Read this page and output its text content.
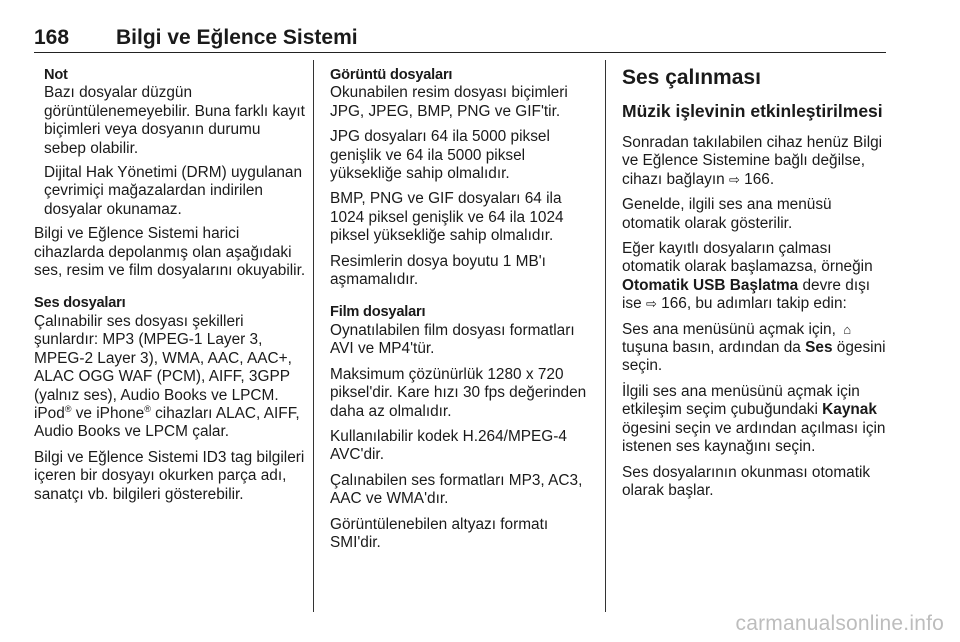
168 Bilgi ve Eğlence Sistemi
Not

Bazı dosyalar düzgün görüntülenemeyebilir. Buna farklı kayıt biçimleri veya dosyanın durumu sebep olabilir.

Dijital Hak Yönetimi (DRM) uygulanan çevrimiçi mağazalardan indirilen dosyalar okunamaz.

Bilgi ve Eğlence Sistemi harici cihazlarda depolanmış olan aşağıdaki ses, resim ve film dosyalarını okuyabilir.

Ses dosyaları

Çalınabilir ses dosyası şekilleri şunlardır: MP3 (MPEG-1 Layer 3, MPEG-2 Layer 3), WMA, AAC, AAC+, ALAC OGG WAF (PCM), AIFF, 3GPP (yalnız ses), Audio Books ve LPCM. iPod® ve iPhone® cihazları ALAC, AIFF, Audio Books ve LPCM çalar.

Bilgi ve Eğlence Sistemi ID3 tag bilgileri içeren bir dosyayı okurken parça adı, sanatçı vb. bilgileri gösterebilir.

Görüntü dosyaları

Okunabilen resim dosyası biçimleri JPG, JPEG, BMP, PNG ve GIF'tir.

JPG dosyaları 64 ila 5000 piksel genişlik ve 64 ila 5000 piksel yüksekliğe sahip olmalıdır.

BMP, PNG ve GIF dosyaları 64 ila 1024 piksel genişlik ve 64 ila 1024 piksel yüksekliğe sahip olmalıdır.

Resimlerin dosya boyutu 1 MB'ı aşmamalıdır.

Film dosyaları

Oynatılabilen film dosyası formatları AVI ve MP4'tür.

Maksimum çözünürlük 1280 x 720 piksel'dir. Kare hızı 30 fps değerinden daha az olmalıdır.

Kullanılabilir kodek H.264/MPEG-4 AVC'dir.

Çalınabilen ses formatları MP3, AC3, AAC ve WMA'dır.

Görüntülenebilen altyazı formatı SMI'dir.

Ses çalınması
Müzik işlevinin etkinleştirilmesi

Sonradan takılabilen cihaz henüz Bilgi ve Eğlence Sistemine bağlı değilse, cihazı bağlayın ⇨ 166.

Genelde, ilgili ses ana menüsü otomatik olarak gösterilir.

Eğer kayıtlı dosyaların çalması otomatik olarak başlamazsa, örneğin Otomatik USB Başlatma devre dışı ise ⇨ 166, bu adımları takip edin:

Ses ana menüsünü açmak için, ⌂ tuşuna basın, ardından da Ses ögesini seçin.

İlgili ses ana menüsünü açmak için etkileşim seçim çubuğundaki Kaynak ögesini seçin ve ardından açılması için istenen ses kaynağını seçin.

Ses dosyalarının okunması otomatik olarak başlar.

carmanualsonline.info
